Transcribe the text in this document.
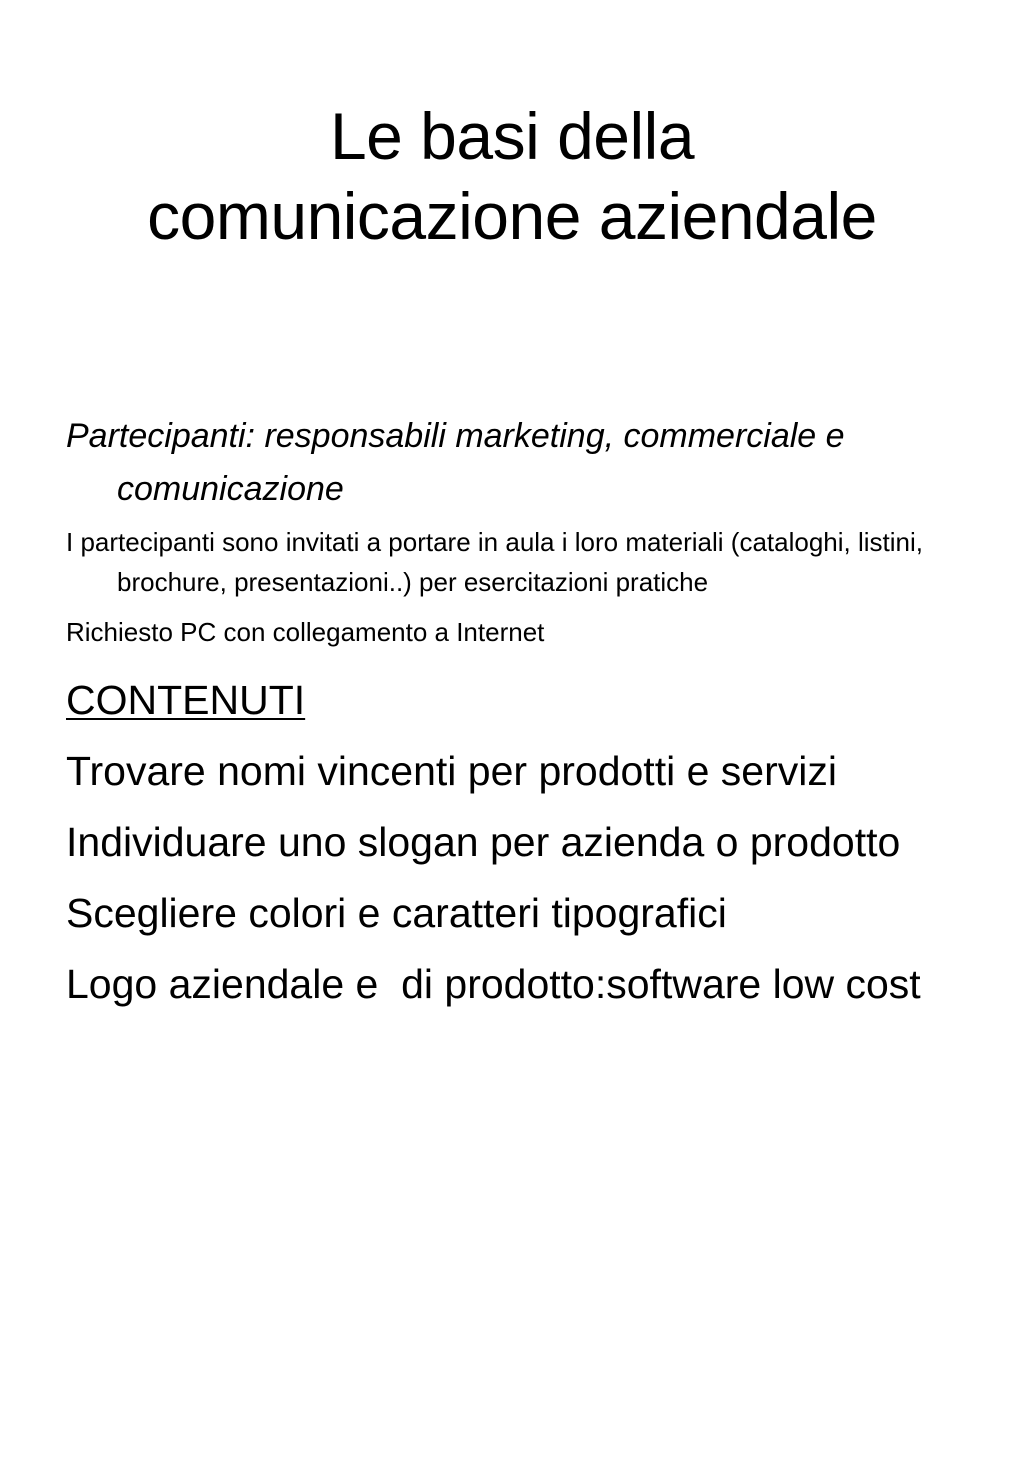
Le basi della
comunicazione aziendale

Partecipanti: responsabili marketing, commerciale e  comunicazione

I partecipanti sono invitati a portare in aula i loro materiali (cataloghi, listini, brochure, presentazioni..) per esercitazioni pratiche

Richiesto PC con collegamento a Internet

CONTENUTI

Trovare nomi vincenti per prodotti e servizi

Individuare uno slogan per azienda o prodotto

Scegliere colori e caratteri tipografici

Logo aziendale e  di prodotto:software low cost
